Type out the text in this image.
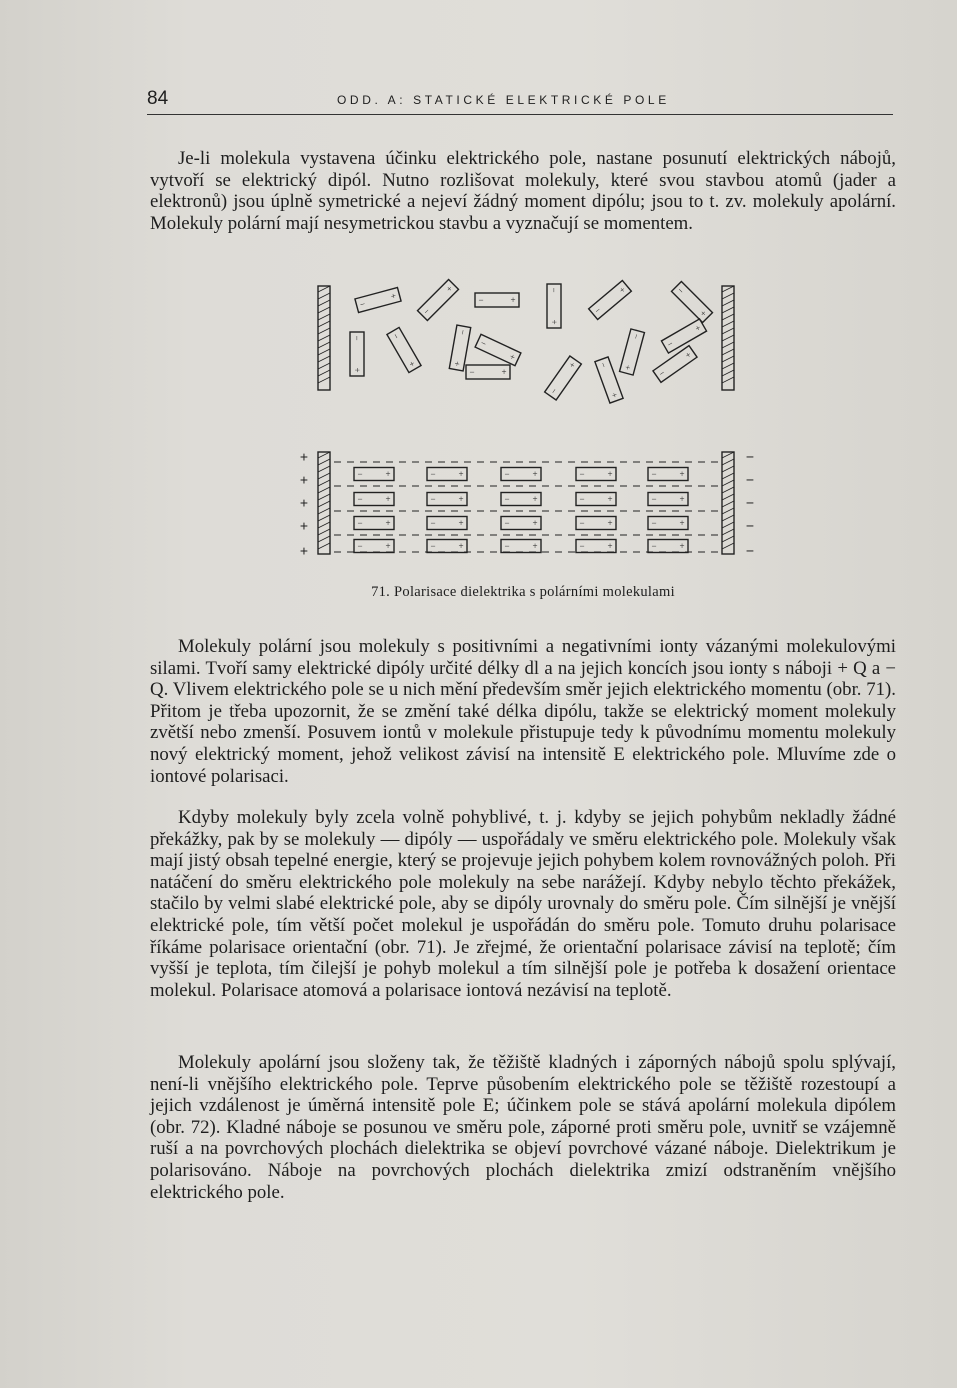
84	ODD. A: STATICKÉ ELEKTRICKÉ POLE

Je-li molekula vystavena účinku elektrického pole, nastane posunutí elektrických nábojů, vytvoří se elektrický dipól. Nutno rozlišovat molekuly, které svou stavbou atomů (jader a elektronů) jsou úplně symetrické a nejeví žádný moment dipólu; jsou to t. zv. molekuly apolární. Molekuly polární mají nesymetrickou stavbu a vyznačují se momentem.

−
+
−
+
−	+
−
+
−
+	−
+
−
+
−
+
−
+
−
+
−	+
−
+ −
+
−
+
−
+
−
+
+	−
+	−
+	−
+	−
+	−
−	+	−	+	−	+	−	+	−	+
−	+	−	+	−	+	−	+	−	+
−	+	−	+	−	+	−	+	−	+
−	+	−	+	−	+	−	+	−	+
71. Polarisace dielektrika s polárními molekulami

Molekuly polární jsou molekuly s positivními a negativními ionty vázanými molekulovými silami. Tvoří samy elektrické dipóly určité délky dl a na jejich koncích jsou ionty s náboji + Q a − Q. Vlivem elektrického pole se u nich mění především směr jejich elektrického momentu (obr. 71). Přitom je třeba upozornit, že se změní také délka dipólu, takže se elektrický moment molekuly zvětší nebo zmenší. Posuvem iontů v molekule přistupuje tedy k původnímu momentu molekuly nový elektrický moment, jehož velikost závisí na intensitě E elektrického pole. Mluvíme zde o iontové polarisaci.

Kdyby molekuly byly zcela volně pohyblivé, t. j. kdyby se jejich pohybům nekladly žádné překážky, pak by se molekuly — dipóly — uspořádaly ve směru elektrického pole. Molekuly však mají jistý obsah tepelné energie, který se projevuje jejich pohybem kolem rovnovážných poloh. Při natáčení do směru elektrického pole molekuly na sebe narážejí. Kdyby nebylo těchto překážek, stačilo by velmi slabé elektrické pole, aby se dipóly urovnaly do směru pole. Čím silnější je vnější elektrické pole, tím větší počet molekul je uspořádán do směru pole. Tomuto druhu polarisace říkáme polarisace orientační (obr. 71). Je zřejmé, že orientační polarisace závisí na teplotě; čím vyšší je teplota, tím čilejší je pohyb molekul a tím silnější pole je potřeba k dosažení orientace molekul. Polarisace atomová a polarisace iontová nezávisí na teplotě.

Molekuly apolární jsou složeny tak, že těžiště kladných i záporných nábojů spolu splývají, není-li vnějšího elektrického pole. Teprve působením elektrického pole se těžiště rozestoupí a jejich vzdálenost je úměrná intensitě pole E; účinkem pole se stává apolární molekula dipólem (obr. 72). Kladné náboje se posunou ve směru pole, záporné proti směru pole, uvnitř se vzájemně ruší a na povrchových plochách dielektrika se objeví povrchové vázané náboje. Dielektrikum je polarisováno. Náboje na povrchových plochách dielektrika zmizí odstraněním vnějšího elektrického pole.
